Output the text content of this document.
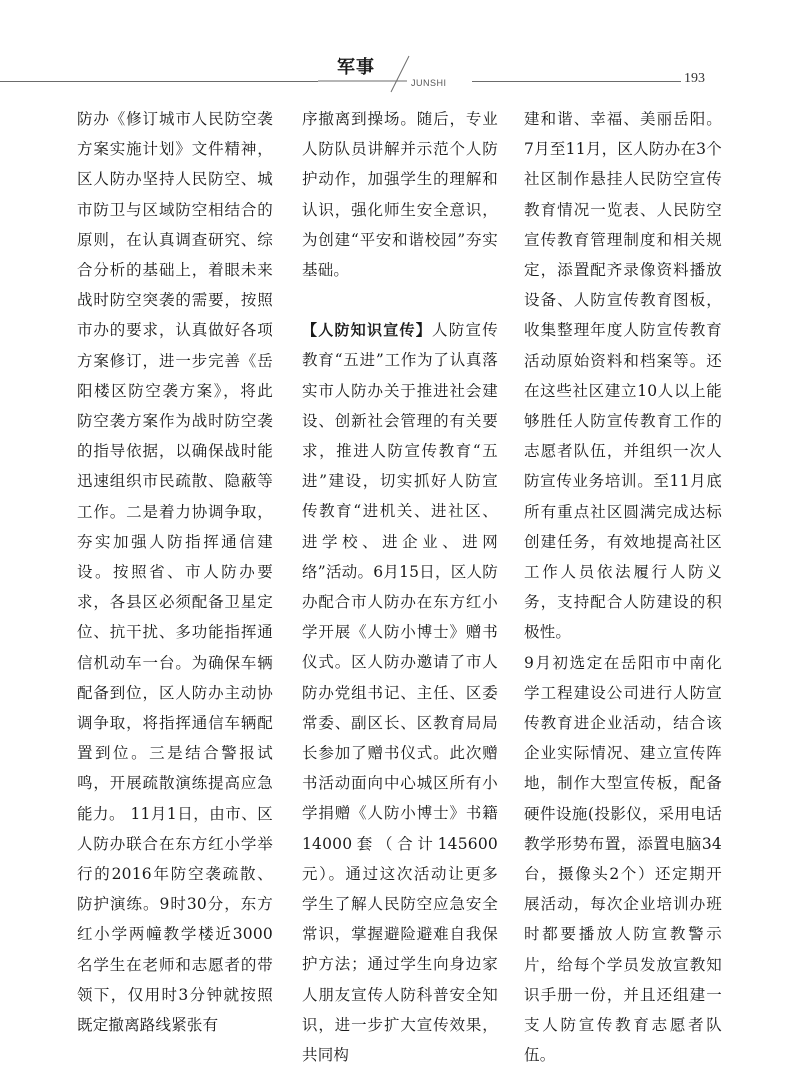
军事
JUNSHI	193

防办《修订城市人民防空袭方案实施计划》文件精神，区人防办坚持人民防空、城市防卫与区域防空相结合的原则，在认真调查研究、综合分析的基础上，着眼未来战时防空突袭的需要，按照市办的要求，认真做好各项方案修订，进一步完善《岳阳楼区防空袭方案》，将此防空袭方案作为战时防空袭的指导依据，以确保战时能迅速组织市民疏散、隐蔽等工作。二是着力协调争取，夯实加强人防指挥通信建设。按照省、市人防办要求，各县区必须配备卫星定位、抗干扰、多功能指挥通信机动车一台。为确保车辆配备到位，区人防办主动协调争取，将指挥通信车辆配置到位。三是结合警报试鸣，开展疏散演练提高应急能力。 11月1日，由市、区人防办联合在东方红小学举行的2016年防空袭疏散、防护演练。9时30分，东方红小学两幢教学楼近3000名学生在老师和志愿者的带领下，仅用时3分钟就按照既定撤离路线紧张有

序撤离到操场。随后，专业人防队员讲解并示范个人防护动作，加强学生的理解和认识，强化师生安全意识，为创建“平安和谐校园”夯实基础。

【人防知识宣传】人防宣传教育“五进”工作为了认真落实市人防办关于推进社会建设、创新社会管理的有关要求，推进人防宣传教育“五进”建设，切实抓好人防宣传教育“进机关、进社区、进学校、进企业、进网络”活动。6月15日，区人防办配合市人防办在东方红小学开展《人防小博士》赠书仪式。区人防办邀请了市人防办党组书记、主任、区委常委、副区长、区教育局局长参加了赠书仪式。此次赠书活动面向中心城区所有小学捐赠《人防小博士》书籍14000套（合计145600元）。通过这次活动让更多学生了解人民防空应急安全常识，掌握避险避难自我保护方法；通过学生向身边家人朋友宣传人防科普安全知识，进一步扩大宣传效果，共同构

建和谐、幸福、美丽岳阳。7月至11月，区人防办在3个社区制作悬挂人民防空宣传教育情况一览表、人民防空宣传教育管理制度和相关规定，添置配齐录像资料播放设备、人防宣传教育图板，收集整理年度人防宣传教育活动原始资料和档案等。还在这些社区建立10人以上能够胜任人防宣传教育工作的志愿者队伍，并组织一次人防宣传业务培训。至11月底所有重点社区圆满完成达标创建任务，有效地提高社区工作人员依法履行人防义务，支持配合人防建设的积极性。

9月初选定在岳阳市中南化学工程建设公司进行人防宣传教育进企业活动，结合该企业实际情况、建立宣传阵地，制作大型宣传板，配备硬件设施(投影仪，采用电话教学形势布置，添置电脑34台，摄像头2个）还定期开展活动，每次企业培训办班时都要播放人防宣教警示片，给每个学员发放宣教知识手册一份，并且还组建一支人防宣传教育志愿者队伍。
